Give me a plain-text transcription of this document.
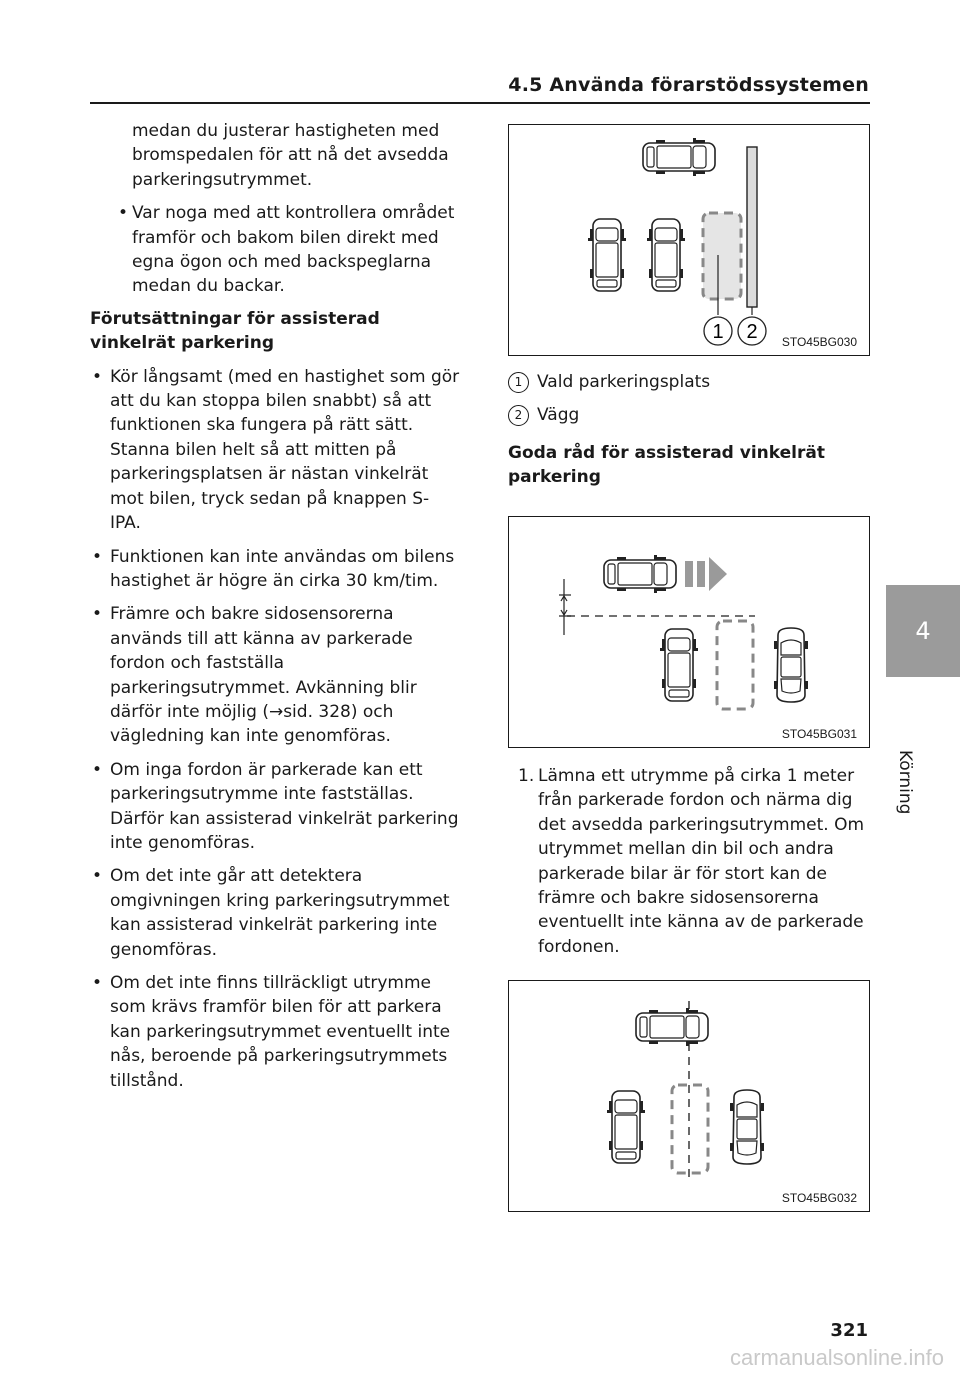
4.5 Använda förarstödssystemen

medan du justerar hastigheten med bromspedalen för att nå det avsedda parkeringsutrymmet.

• Var noga med att kontrollera området framför och bakom bilen direkt med egna ögon och med backspeglarna medan du backar.
Förutsättningar för assisterad vinkelrät parkering
• Kör långsamt (med en hastighet som gör att du kan stoppa bilen snabbt) så att funktionen ska fungera på rätt sätt. Stanna bilen helt så att mitten på parkeringsplatsen är nästan vinkelrät mot bilen, tryck sedan på knappen S-IPA.
• Funktionen kan inte användas om bilens hastighet är högre än cirka 30 km/tim.
• Främre och bakre sidosensorerna används till att känna av parkerade fordon och fastställa parkeringsutrymmet. Avkänning blir därför inte möjlig (→sid. 328) och vägledning kan inte genomföras.
• Om inga fordon är parkerade kan ett parkeringsutrymme inte fastställas. Därför kan assisterad vinkelrät parkering inte genomföras.
• Om det inte går att detektera omgivningen kring parkeringsutrymmet kan assisterad vinkelrät parkering inte genomföras.
• Om det inte finns tillräckligt utrymme som krävs framför bilen för att parkera kan parkeringsutrymmet eventuellt inte nås, beroende på parkeringsutrymmets tillstånd.
1 2 STO45BG030
1 Vald parkeringsplats
2 Vägg
Goda råd för assisterad vinkelrät parkering
STO45BG031
1. Lämna ett utrymme på cirka 1 meter från parkerade fordon och närma dig det avsedda parkeringsutrymmet. Om utrymmet mellan din bil och andra parkerade bilar är för stort kan de främre och bakre sidosensorerna eventuellt inte känna av de parkerade fordonen.
STO45BG032
4
Körning
321
carmanualsonline.info
